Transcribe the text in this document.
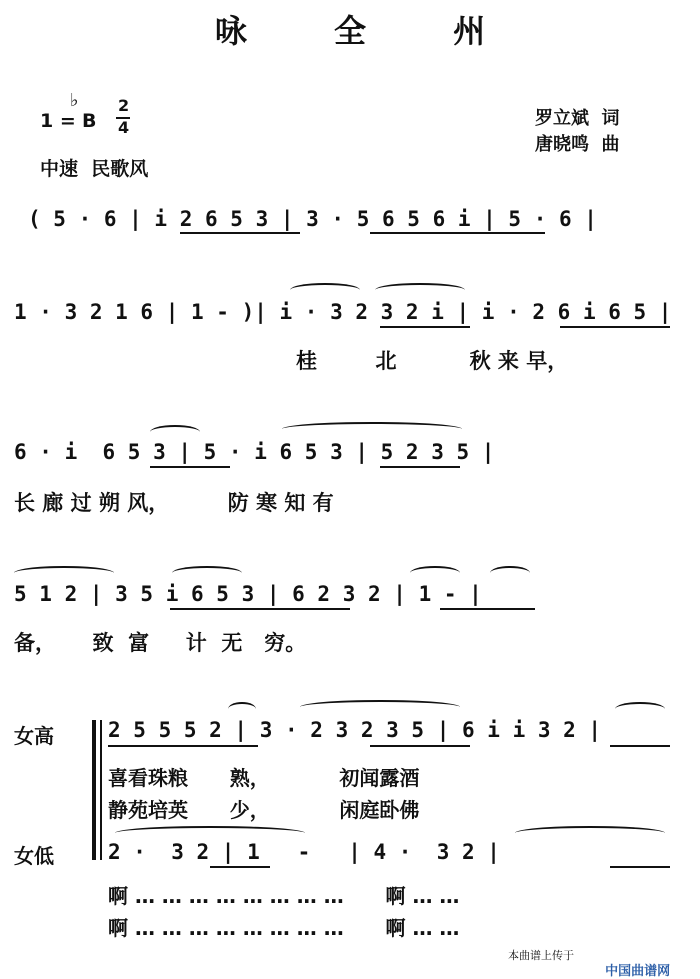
咏 全 州
1 =
♭
B
2
4
中速  民歌风
罗立斌  词
唐晓鸣  曲
( 5 · 6 | i 2 6 5 3 | 3 · 5 6 5 6 i | 5 · 6 |
1 · 3 2 1 6 | 1 - )| i · 3 2 3 2 i | i · 2 6 i 6 5 |
桂        北          秋 来 早，
6 · i  6 5 3 | 5 · i 6 5 3 | 5 2 3 5 |
长 廊 过 朔 风，        防 寒 知 有
5 1 2 | 3 5 i 6 5 3 | 6 2 3 2 | 1 - |
备，     致  富     计  无   穷。
女高
女低
2 5 5 5 2 | 3 · 2 3 2 3 5 | 6 i i 3 2 |
喜看珠粮      熟，          初闻露酒
静苑培英      少，          闲庭卧佛
2 ·  3 2 | 1   -   | 4 ·  3 2 |
啊 … … … … … … … …      啊 … …
啊 … … … … … … … …      啊 … …
本曲谱上传于

中国曲谱网
